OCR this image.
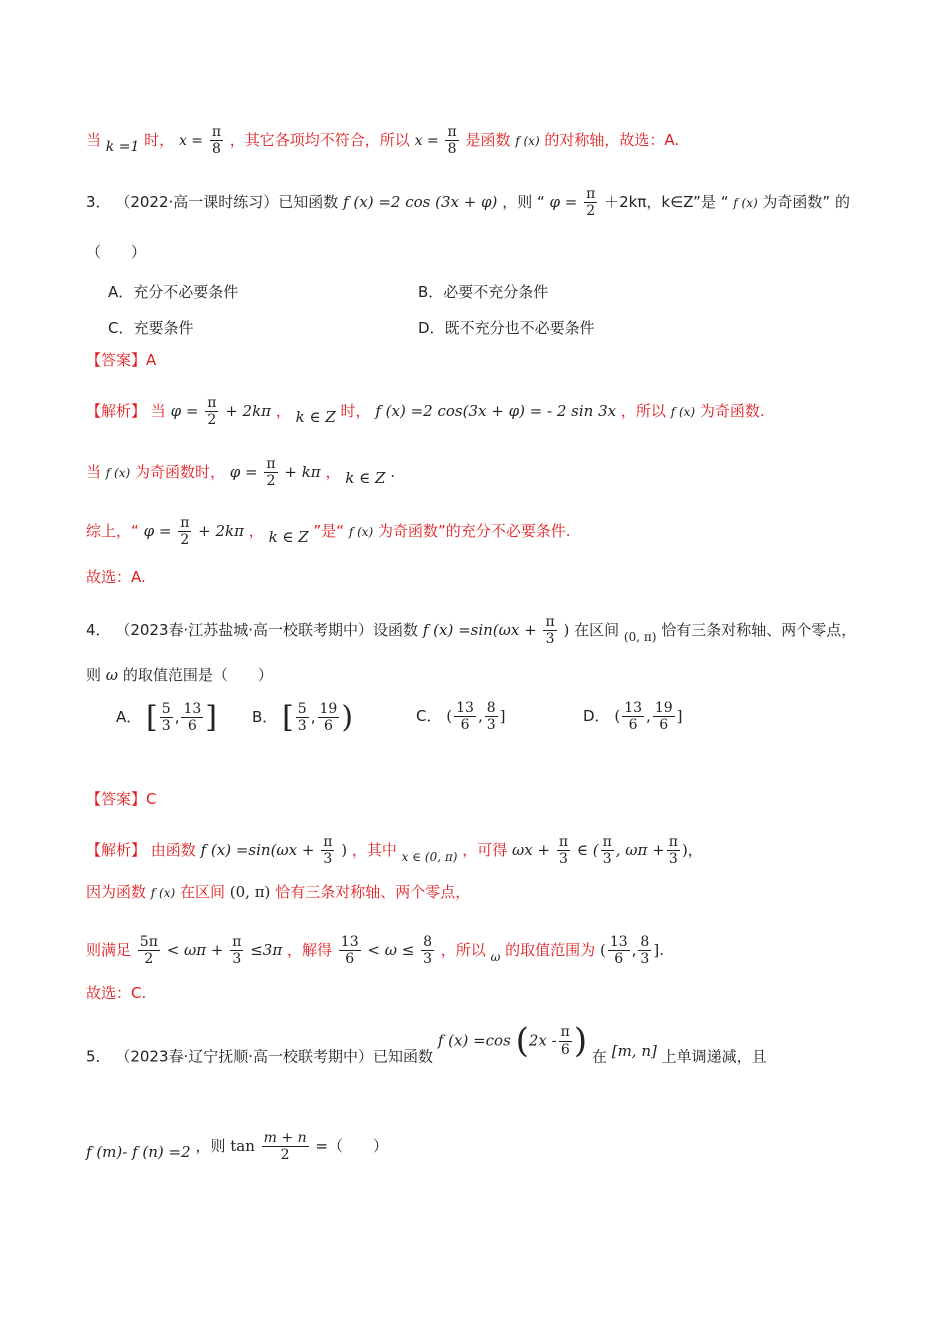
当 k =1 时， $x = \frac{\pi}{8}$ ，其它各项均不符合，所以 $x = \frac{\pi}{8}$ 是函数 f (x) 的对称轴，故选：A.
3． （2022·高一课时练习）已知函数 f (x) =2 cos (3x + φ) ，则 “ $\varphi = \frac{\pi}{2} +2k\pi$，k∈Z”是 “ f (x) 为奇函数” 的
（　　）
A．充分不必要条件	B．必要不充分条件
C．充要条件	D．既不充分也不必要条件
【答案】A
【解析】 当 $\varphi = \frac{\pi}{2} + 2k\pi$ ， k ∈ Z 时， f (x) =2 cos(3x + φ) = - 2 sin 3x ，所以 f (x) 为奇函数.
当 f (x) 为奇函数时， $\varphi = \frac{\pi}{2} + k\pi$ ， k ∈ Z .
综上，“ $\varphi = \frac{\pi}{2} + 2k\pi$ ， k ∈ Z ”是“ f (x) 为奇函数”的充分不必要条件.
故选：A.
4． （2023春·江苏盐城·高一校联考期中）设函数 f $(x) =\sin(\omega x + \frac{\pi}{3}$ ) 在区间 $_{(0, \pi)}$ 恰有三条对称轴、两个零点，
则 ω 的取值范围是（　　）
A． [ $\frac{5}{3}$ , $\frac{13}{6}$ ] B． [ $\frac{5}{3}$ , $\frac{19}{6}$ )	C． ( $\frac{13}{6}$ , $\frac{8}{3}$ ]	D． ( $\frac{13}{6}$ , $\frac{19}{6}$ ]
【答案】C
【解析】 由函数 f $(x) =\sin(\omega x + \frac{\pi}{3}$ ) ，其中 $_{x \in (0, \pi)}$ ，可得 $\omega x + \frac{\pi}{3}$ ∈ ( $\frac{\pi}{3}$ , $\omega\pi + \frac{\pi}{3}$ )，
因为函数 f (x) 在区间 (0, π) 恰有三条对称轴、两个零点，
则满足 $\frac{5\pi}{2} < \omega\pi + \frac{\pi}{3} \le 3\pi$ ，解得 $\frac{13}{6} < \omega \le \frac{8}{3}$ ，所以 $_\omega$ 的取值范围为 ( $\frac{13}{6}$ , $\frac{8}{3}$ ].
故选：C.
5． （2023春·辽宁抚顺·高一校联考期中）已知函数 f (x) =cos ($2x - \frac{\pi}{6}$ ) 在 [m, n] 上单调递减，且
f (m)- f (n) =2 ，则 $\tan \frac{m + n}{2}$ =（　　）
